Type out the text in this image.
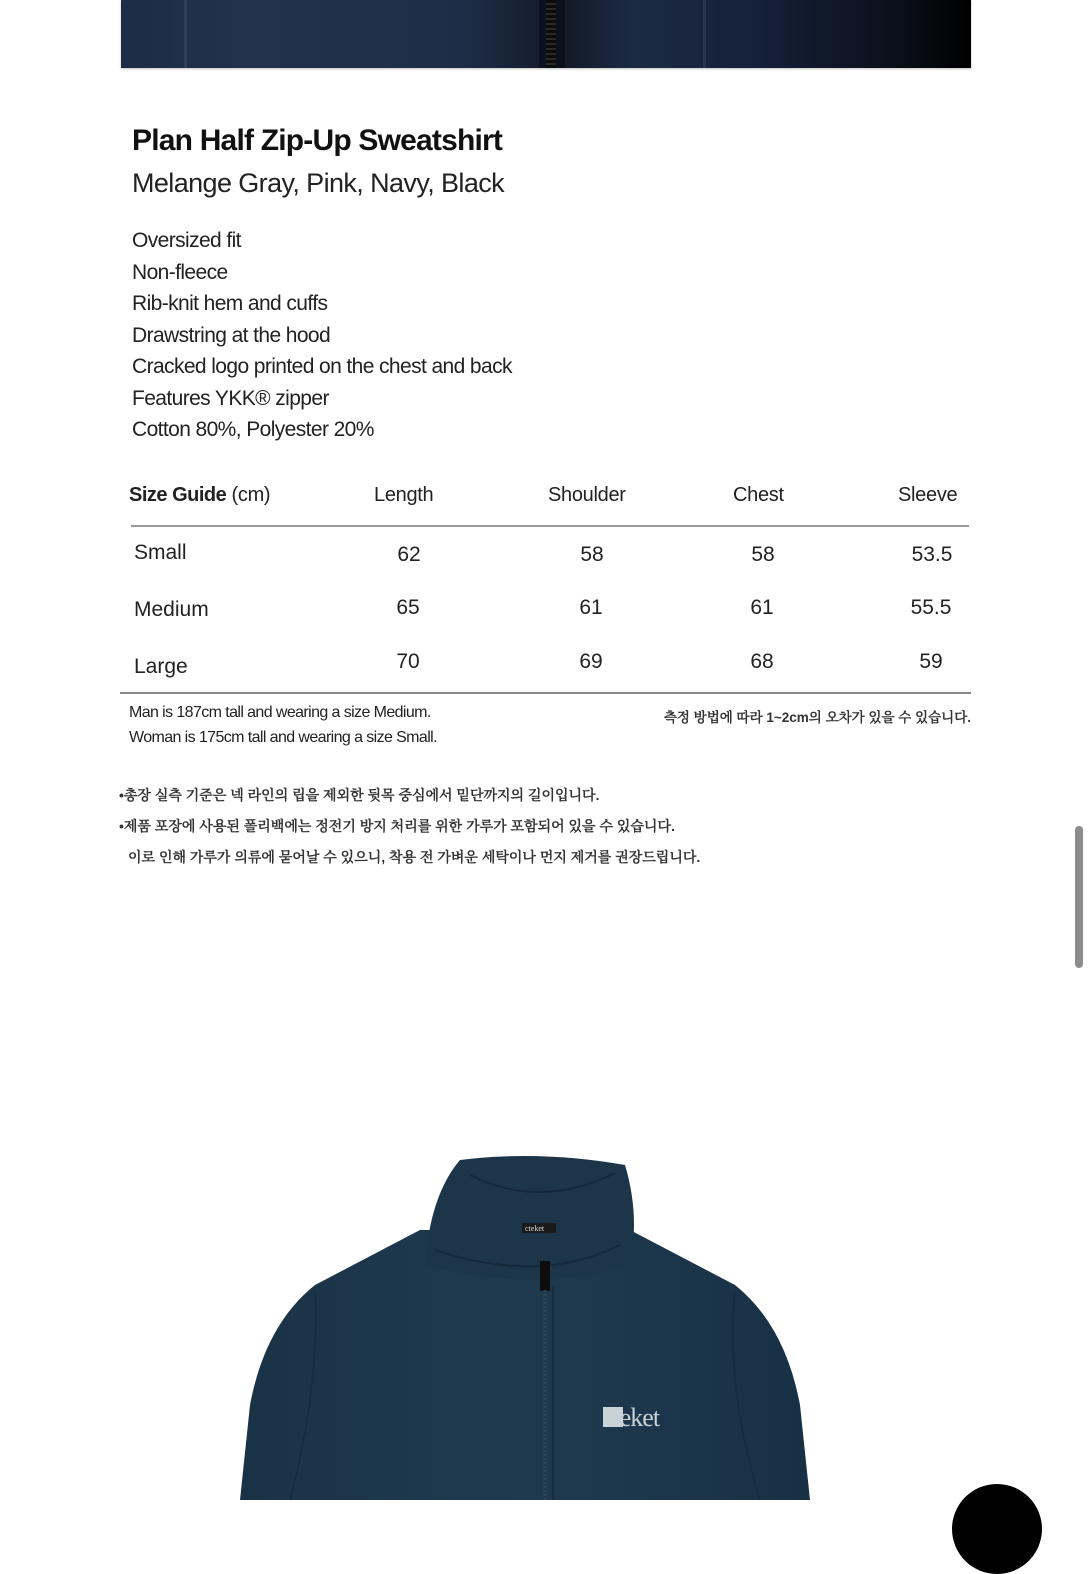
Plan Half Zip-Up Sweatshirt
Melange Gray, Pink, Navy, Black
Oversized fit
Non-fleece
Rib-knit hem and cuffs
Drawstring at the hood
Cracked logo printed on the chest and back
Features YKK® zipper
Cotton 80%, Polyester 20%
Size Guide (cm)	Length	Shoulder	Chest	Sleeve
Small	62	58	58	53.5
Medium	65	61	61	55.5
Large	70	69	68	59
Man is 187cm tall and wearing a size Medium.
Woman is 175cm tall and wearing a size Small.
측정 방법에 따라 1~2cm의 오차가 있을 수 있습니다.
•총장 실측 기준은 넥 라인의 립을 제외한 뒷목 중심에서 밑단까지의 길이입니다.
•제품 포장에 사용된 폴리백에는 정전기 방지 처리를 위한 가루가 포함되어 있을 수 있습니다.
이로 인해 가루가 의류에 묻어날 수 있으니, 착용 전 가벼운 세탁이나 먼지 제거를 권장드립니다.
cteket
cteket
